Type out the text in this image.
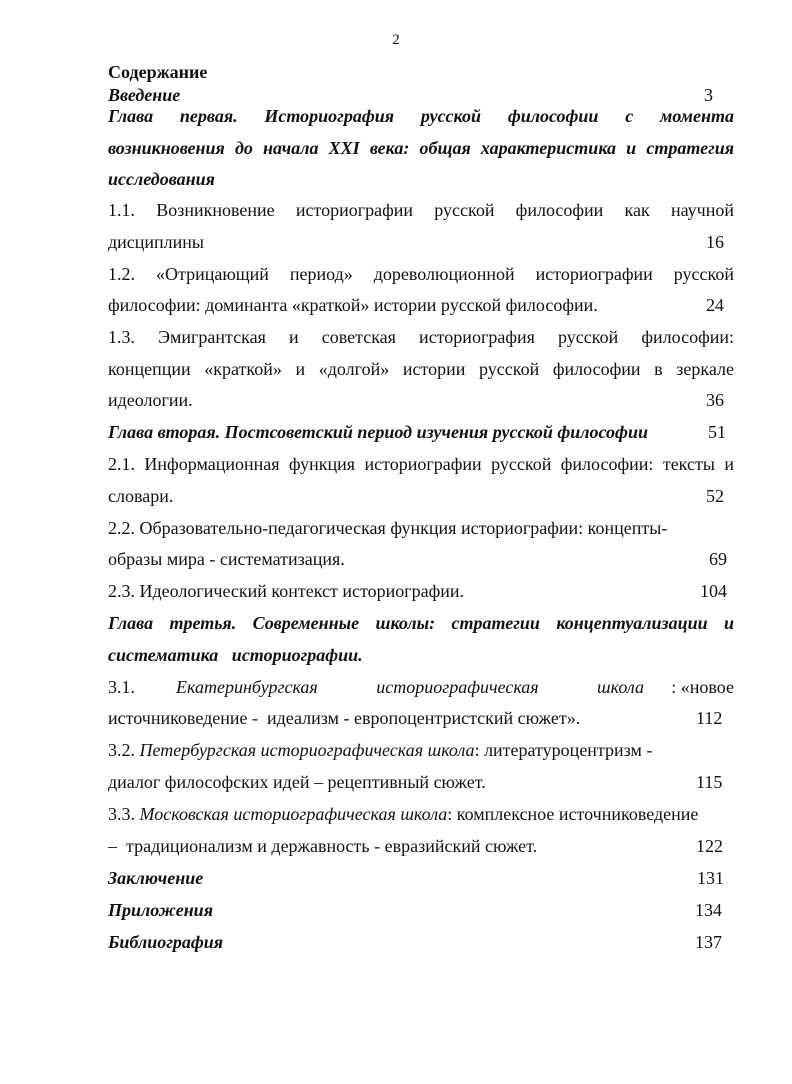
2
Содержание
Введение	3
Глава первая. Историография русской философии с момента
возникновения до начала XXI века: общая характеристика и стратегия
исследования
1.1. Возникновение историографии русской философии как научной
дисциплины	16
1.2. «Отрицающий период» дореволюционной историографии русской
философии: доминанта «краткой» истории русской философии.	24
1.3. Эмигрантская и советская историография русской философии:
концепции «краткой» и «долгой» истории русской философии в зеркале
идеологии.	36
Глава вторая. Постсоветский период изучения русской философии	51
2.1. Информационная функция историографии русской философии: тексты и
словари.	52
2.2. Образовательно-педагогическая функция историографии: концепты-
образы мира - систематизация.	69
2.3. Идеологический контекст историографии.	104
Глава третья. Современные школы: стратегии концептуализации и
систематика   историографии.
3.1. Екатеринбургская историографическая школа	: «новое
источниковедение -  идеализм - европоцентристский сюжет».	112
3.2. Петербургская историографическая школа: литературоцентризм -
диалог философских идей – рецептивный сюжет.	115
3.3. Московская историографическая школа: комплексное источниковедение
–  традиционализм и державность - евразийский сюжет.	122
Заключение	131
Приложения	134
Библиография	137
